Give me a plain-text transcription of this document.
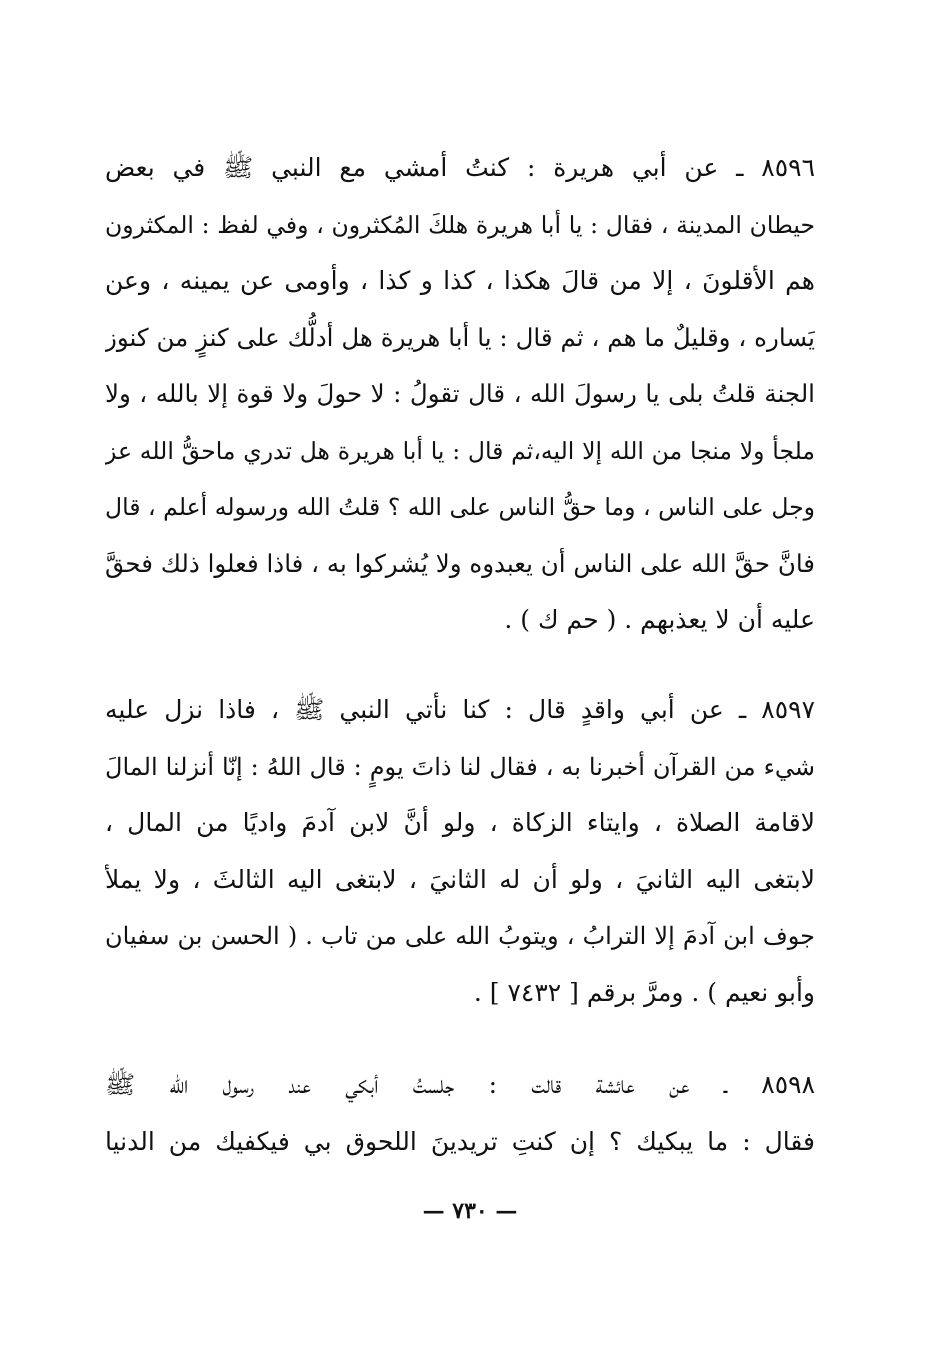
٨٥٩٦ ـ عن أبي هريرة : كنتُ أمشي مع النبي ﷺ في بعض
حيطان المدينة ، فقال : يا أبا هريرة هلكَ المُكثرون ، وفي لفظ : المكثرون
هم الأقلونَ ، إلا من قالَ هكذا ، كذا و كذا ، وأومى عن يمينه ، وعن
يَساره ، وقليلٌ ما هم ، ثم قال : يا أبا هريرة هل أدلُّك على كنزٍ من كنوز
الجنة قلتُ بلى يا رسولَ الله ، قال تقولُ : لا حولَ ولا قوة إلا بالله ، ولا
ملجأ ولا منجا من الله إلا اليه،ثم قال : يا أبا هريرة هل تدري ماحقُّ الله عز
وجل على الناس ، وما حقُّ الناس على الله ؟ قلتُ الله ورسوله أعلم ، قال
فانَّ حقَّ الله على الناس أن يعبدوه ولا يُشركوا به ، فاذا فعلوا ذلك فحقَّ
عليه أن لا يعذبهم . ( حم ك ) .
٨٥٩٧ ـ عن أبي واقدٍ قال : كنا نأتي النبي ﷺ ، فاذا نزل عليه
شيء من القرآن أخبرنا به ، فقال لنا ذاتَ يومٍ : قال اللهُ : إنّا أنزلنا المالَ
لاقامة الصلاة ، وايتاء الزكاة ، ولو أنَّ لابن آدمَ واديًا من المال ،
لابتغى اليه الثانيَ ، ولو أن له الثانيَ ، لابتغى اليه الثالثَ ، ولا يملأ
جوف ابن آدمَ إلا الترابُ ، ويتوبُ الله على من تاب . ( الحسن بن سفيان
وأبو نعيم ) . ومرَّ برقم [ ٧٤٣٢ ] .
٨٥٩٨ ـ عن عائشة قالت : جلستُ أبكي عند رسول الله ﷺ
فقال : ما يبكيك ؟ إن كنتِ تريدينَ اللحوق بي فيكفيك من الدنيا
— ٧٣٠ —
